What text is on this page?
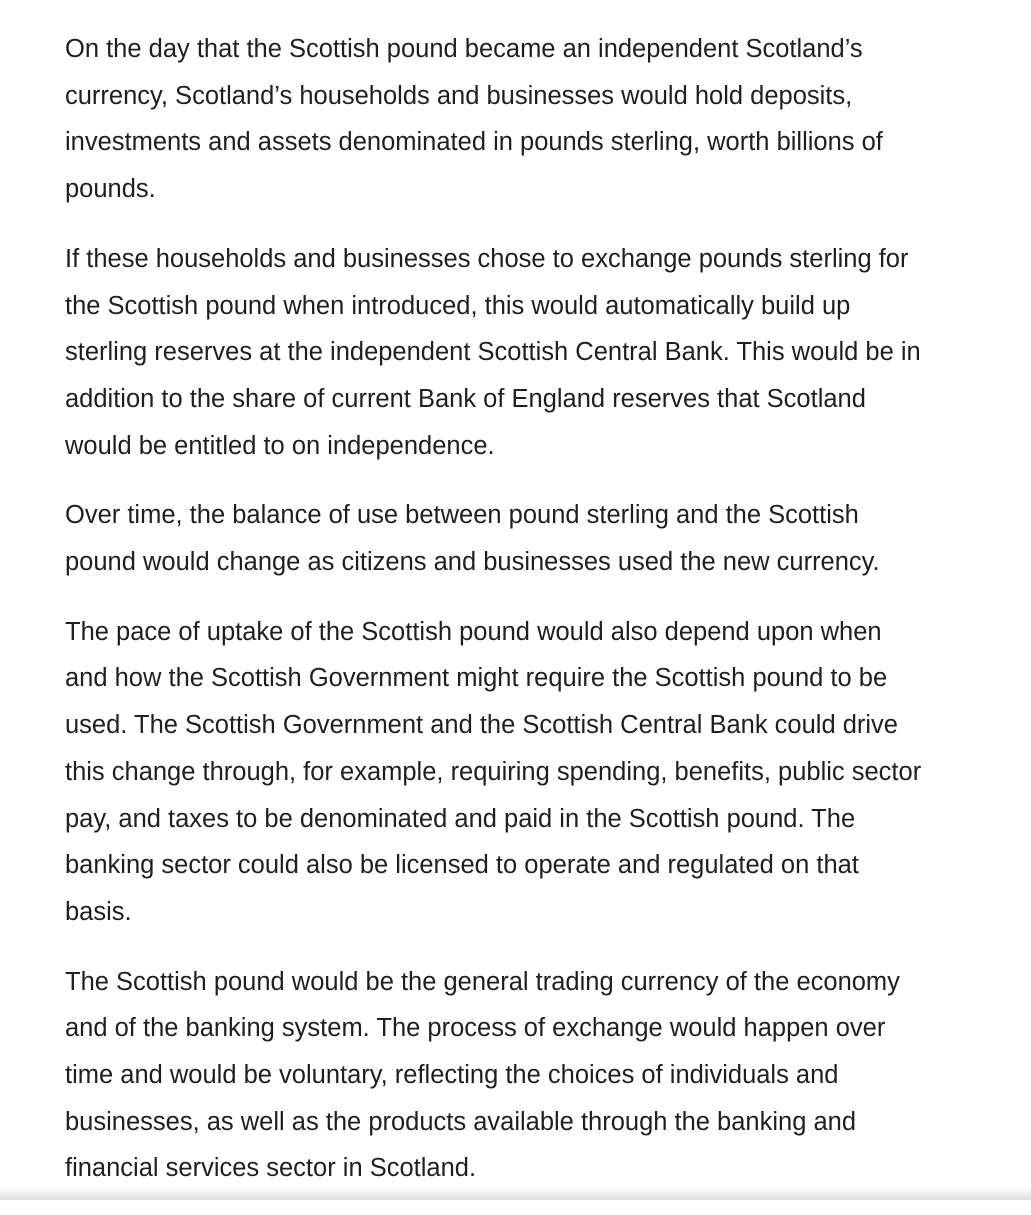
On the day that the Scottish pound became an independent Scotland’s
currency, Scotland’s households and businesses would hold deposits,
investments and assets denominated in pounds sterling, worth billions of
pounds.

If these households and businesses chose to exchange pounds sterling for
the Scottish pound when introduced, this would automatically build up
sterling reserves at the independent Scottish Central Bank. This would be in
addition to the share of current Bank of England reserves that Scotland
would be entitled to on independence.

Over time, the balance of use between pound sterling and the Scottish
pound would change as citizens and businesses used the new currency.

The pace of uptake of the Scottish pound would also depend upon when
and how the Scottish Government might require the Scottish pound to be
used. The Scottish Government and the Scottish Central Bank could drive
this change through, for example, requiring spending, benefits, public sector
pay, and taxes to be denominated and paid in the Scottish pound. The
banking sector could also be licensed to operate and regulated on that
basis.

The Scottish pound would be the general trading currency of the economy
and of the banking system. The process of exchange would happen over
time and would be voluntary, reflecting the choices of individuals and
businesses, as well as the products available through the banking and
financial services sector in Scotland.
